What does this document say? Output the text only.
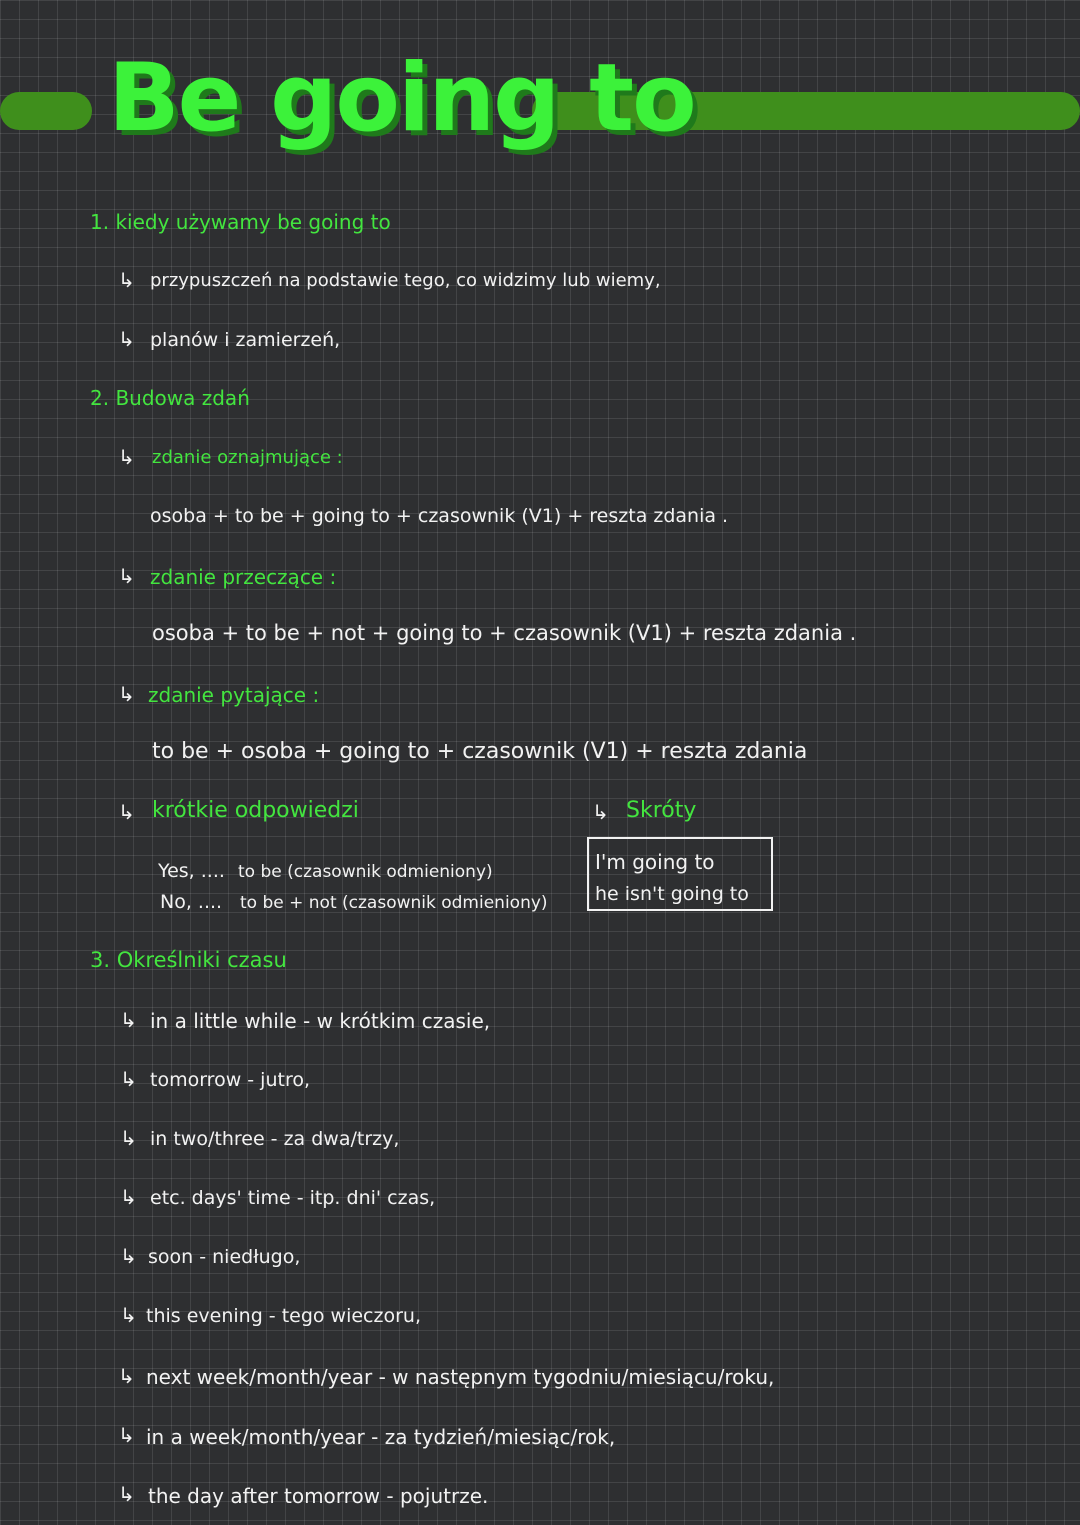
Be going to
1. kiedy używamy be going to
↳ przypuszczeń na podstawie tego, co widzimy lub wiemy,
↳ planów i zamierzeń,
2. Budowa zdań
↳ zdanie oznajmujące :
osoba + to be + going to + czasownik (V1) + reszta zdania .
↳ zdanie przeczące :
osoba + to be + not + going to + czasownik (V1) + reszta zdania .
↳ zdanie pytające :
to be + osoba + going to + czasownik (V1) + reszta zdania
↳ krótkie odpowiedzi
Yes, .... to be (czasownik odmieniony)
No, .... to be + not (czasownik odmieniony)
↳ Skróty
I'm going to
he isn't going to
3. Określniki czasu
↳ in a little while - w krótkim czasie,
↳ tomorrow - jutro,
↳ in two/three - za dwa/trzy,
↳ etc. days' time - itp. dni' czas,
↳ soon - niedługo,
↳ this evening - tego wieczoru,
↳ next week/month/year - w następnym tygodniu/miesiącu/roku,
↳ in a week/month/year - za tydzień/miesiąc/rok,
↳ the day after tomorrow - pojutrze.
